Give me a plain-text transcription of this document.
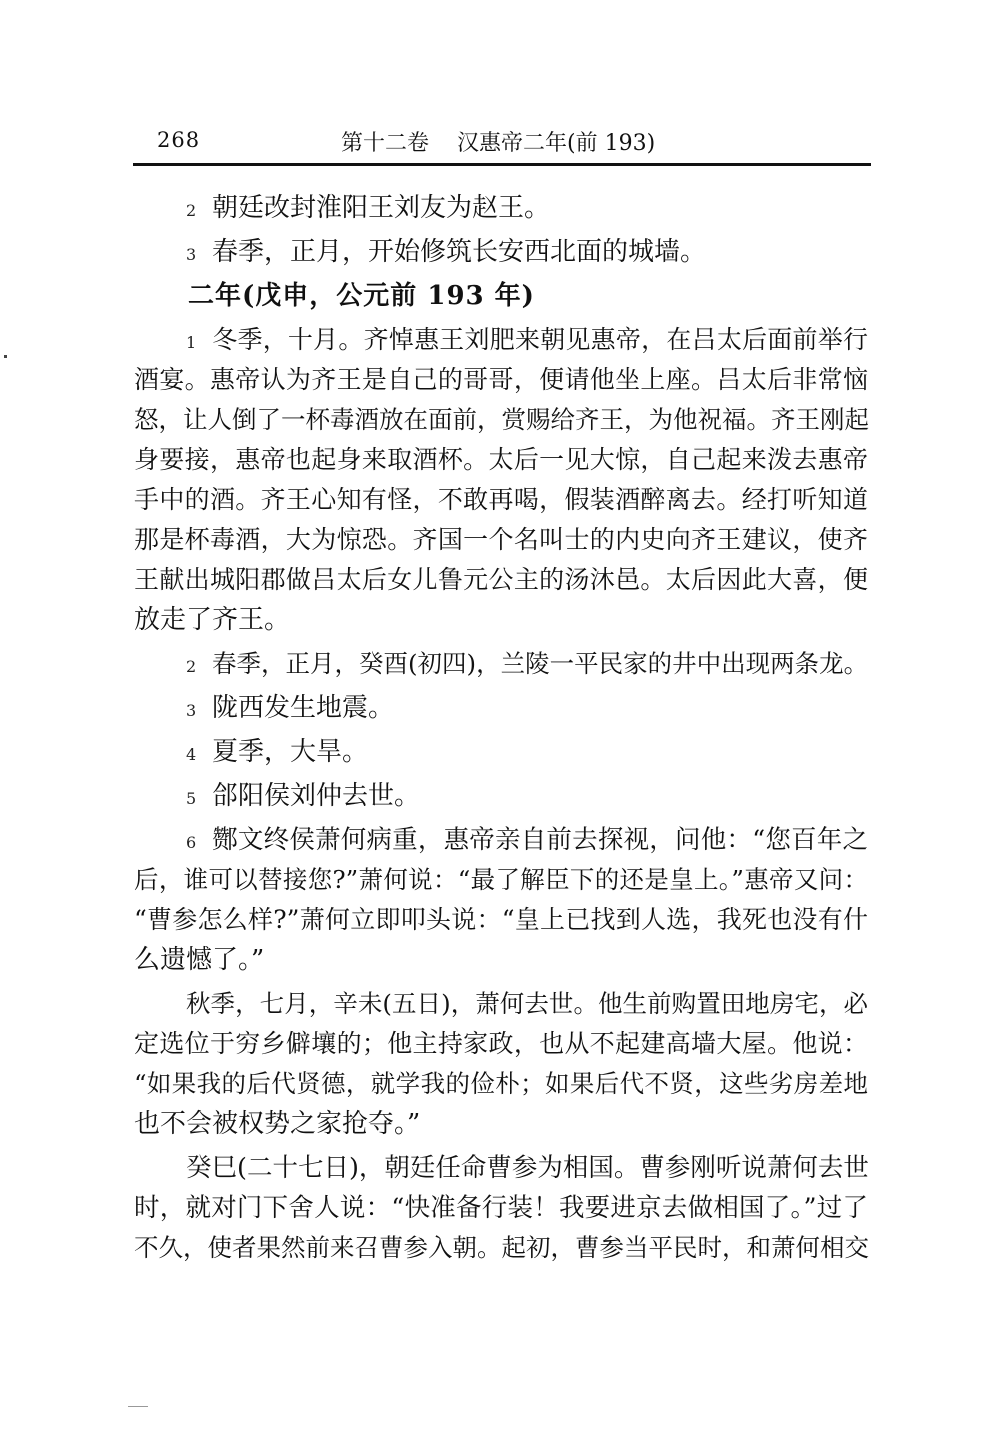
268	第十二卷 汉惠帝二年(前 193)
2 朝廷改封淮阳王刘友为赵王。
3 春季，正月，开始修筑长安西北面的城墙。
二年(戊申，公元前 193 年)
1 冬季，十月。齐悼惠王刘肥来朝见惠帝，在吕太后面前举行
酒宴。惠帝认为齐王是自己的哥哥，便请他坐上座。吕太后非常恼
怒，让人倒了一杯毒酒放在面前，赏赐给齐王，为他祝福。齐王刚起
身要接，惠帝也起身来取酒杯。太后一见大惊，自己起来泼去惠帝
手中的酒。齐王心知有怪，不敢再喝，假装酒醉离去。经打听知道
那是杯毒酒，大为惊恐。齐国一个名叫士的内史向齐王建议，使齐
王献出城阳郡做吕太后女儿鲁元公主的汤沐邑。太后因此大喜，便
放走了齐王。
2 春季，正月，癸酉(初四)，兰陵一平民家的井中出现两条龙。
3 陇西发生地震。
4 夏季，大旱。
5 郃阳侯刘仲去世。
6 酂文终侯萧何病重，惠帝亲自前去探视，问他：“您百年之
后，谁可以替接您?”萧何说：“最了解臣下的还是皇上。”惠帝又问：
“曹参怎么样?”萧何立即叩头说：“皇上已找到人选，我死也没有什
么遗憾了。”
秋季，七月，辛未(五日)，萧何去世。他生前购置田地房宅，必
定选位于穷乡僻壤的；他主持家政，也从不起建高墙大屋。他说：
“如果我的后代贤德，就学我的俭朴；如果后代不贤，这些劣房差地
也不会被权势之家抢夺。”
癸巳(二十七日)，朝廷任命曹参为相国。曹参刚听说萧何去世
时，就对门下舍人说：“快准备行装！我要进京去做相国了。”过了
不久，使者果然前来召曹参入朝。起初，曹参当平民时，和萧何相交
